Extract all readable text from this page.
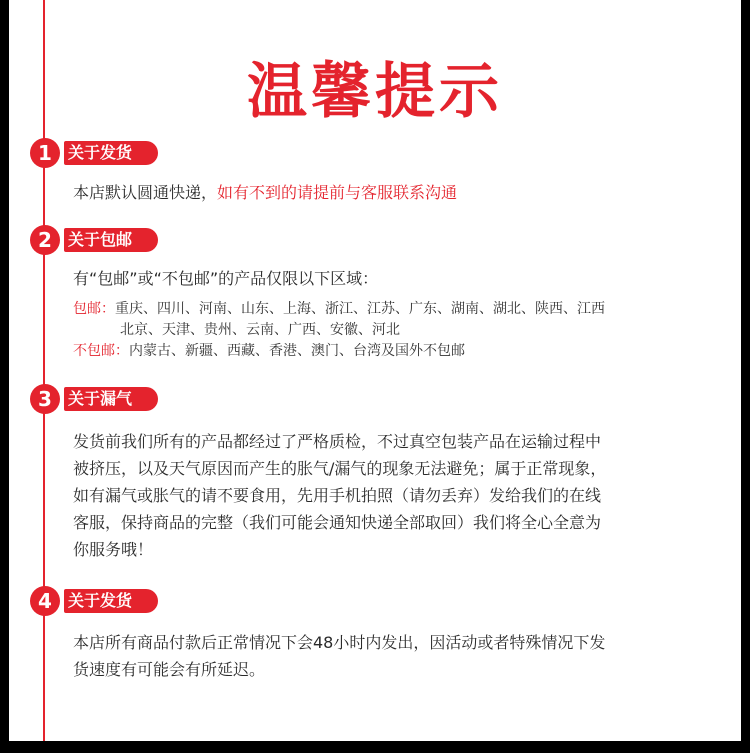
温馨提示
1	关于发货
本店默认圆通快递，如有不到的请提前与客服联系沟通
2	关于包邮
有“包邮”或“不包邮”的产品仅限以下区域：
包邮：重庆、四川、河南、山东、上海、浙江、江苏、广东、湖南、湖北、陕西、江西
北京、天津、贵州、云南、广西、安徽、河北
不包邮：内蒙古、新疆、西藏、香港、澳门、台湾及国外不包邮
3	关于漏气
发货前我们所有的产品都经过了严格质检，不过真空包装产品在运输过程中
被挤压，以及天气原因而产生的胀气/漏气的现象无法避免；属于正常现象，
如有漏气或胀气的请不要食用，先用手机拍照（请勿丢弃）发给我们的在线
客服，保持商品的完整（我们可能会通知快递全部取回）我们将全心全意为
你服务哦！
4	关于发货
本店所有商品付款后正常情况下会48小时内发出，因活动或者特殊情况下发
货速度有可能会有所延迟。
